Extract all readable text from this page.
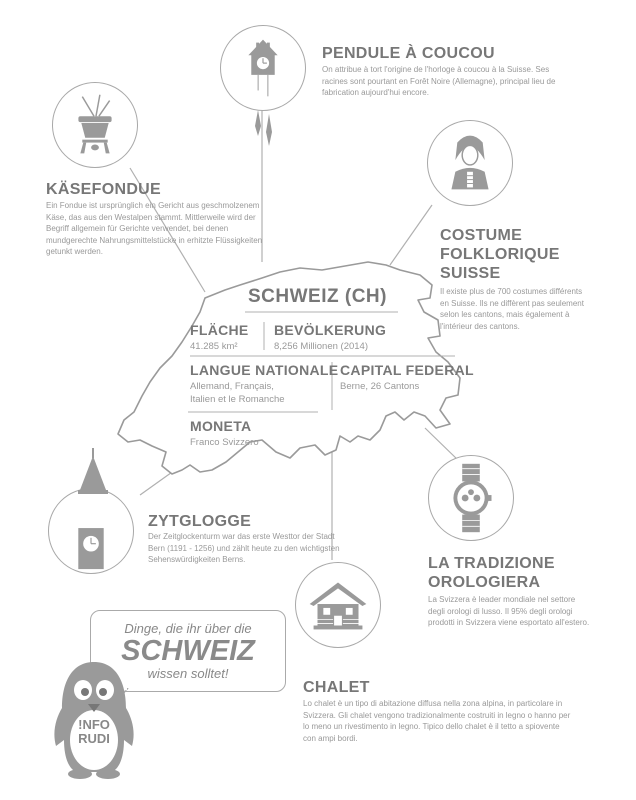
SCHWEIZ (CH)
FLÄCHE
41.285 km²
BEVÖLKERUNG
8,256 Millionen (2014)
LANGUE NATIONALE
Allemand, Français,
Italien et le Romanche
CAPITAL FEDERAL
Berne, 26 Cantons
MONETA
Franco Svizzero
PENDULE À COUCOU
On attribue à tort l'origine de l'horloge à coucou à la Suisse. Ses racines sont pourtant en Forêt Noire (Allemagne), principal lieu de fabrication aujourd'hui encore.
KÄSEFONDUE
Ein Fondue ist ursprünglich ein Gericht aus geschmolzenem Käse, das aus den Westalpen stammt. Mittlerweile wird der Begriff allgemein für Gerichte verwendet, bei denen mundgerechte Nahrungsmittelstücke in erhitzte Flüssigkeiten getunkt werden.
COSTUME
FOLKLORIQUE
SUISSE
Il existe plus de 700 costumes différents en Suisse. Ils ne diffèrent pas seulement selon les cantons, mais également à l'intérieur des cantons.
ZYTGLOGGE
Der Zeitglockenturm war das erste Westtor der Stadt Bern (1191 - 1256) und zählt heute zu den wichtigsten Sehenswürdigkeiten Berns.	LA TRADIZIONE
OROLOGIERA
La Svizzera è leader mondiale nel settore degli orologi di lusso. Il 95% degli orologi prodotti in Svizzera viene esportato all'estero.
CHALET
Lo chalet è un tipo di abitazione diffusa nella zona alpina, in particolare in Svizzera. Gli chalet vengono tradizionalmente costruiti in legno o hanno per lo meno un rivestimento in legno. Tipico dello chalet è il tetto a spiovente con ampi bordi.
Dinge, die ihr über die
SCHWEIZ
wissen solltet!
!NFO
RUDI
